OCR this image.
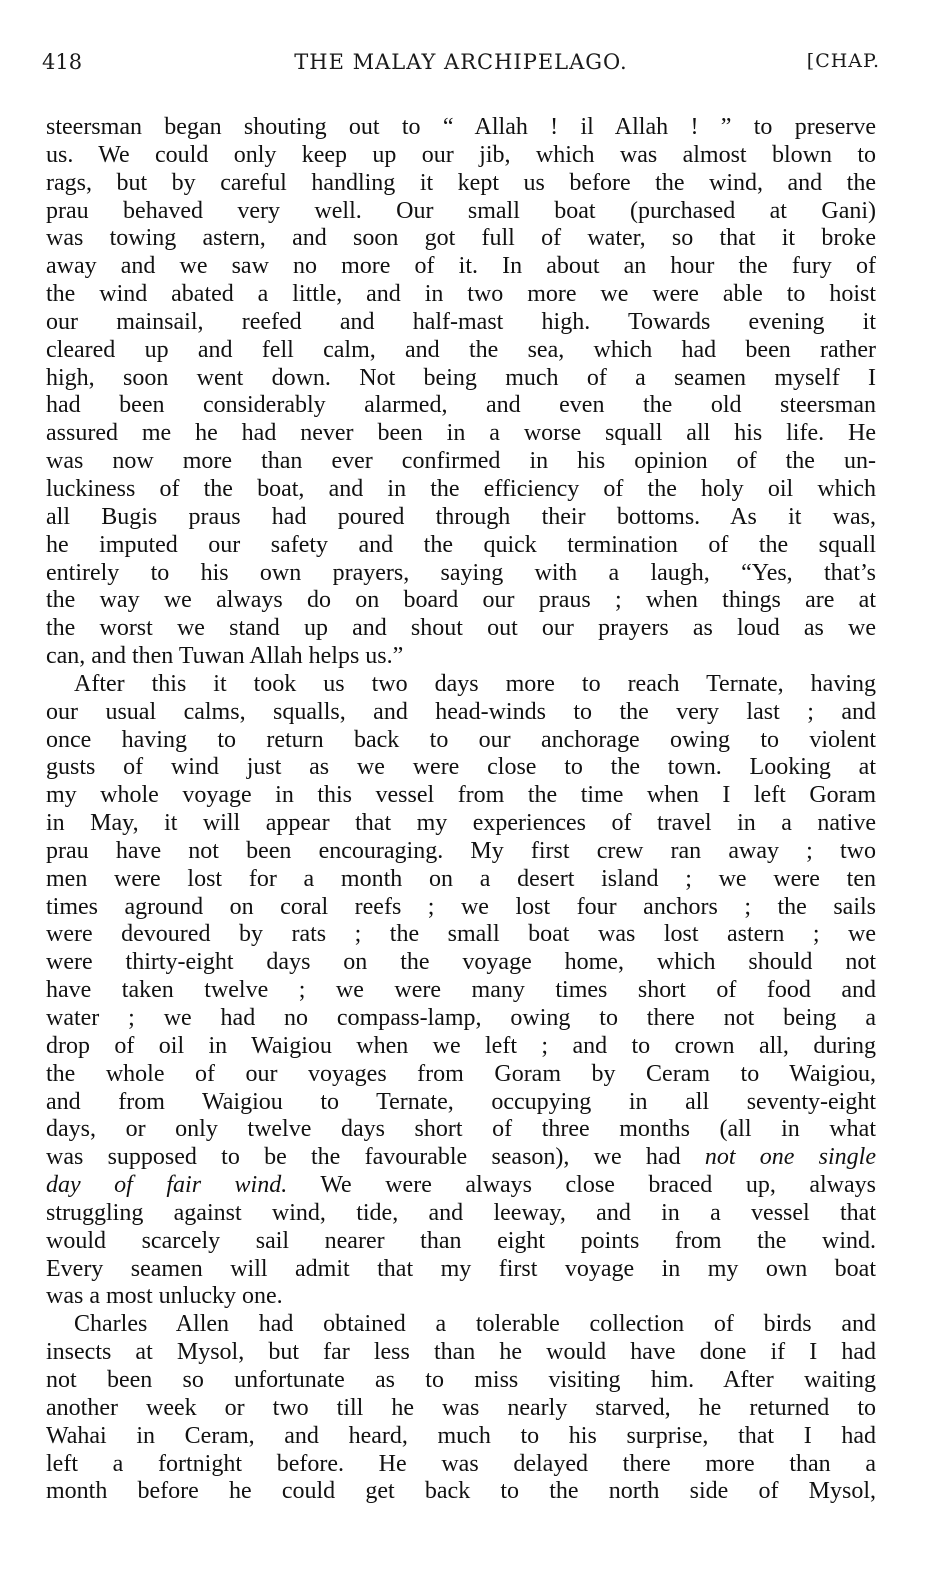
418	THE MALAY ARCHIPELAGO.	[CHAP.
steersman began shouting out to “ Allah ! il Allah ! ” to preserve
us. We could only keep up our jib, which was almost blown to
rags, but by careful handling it kept us before the wind, and the
prau behaved very well. Our small boat (purchased at Gani)
was towing astern, and soon got full of water, so that it broke
away and we saw no more of it. In about an hour the fury of
the wind abated a little, and in two more we were able to hoist
our mainsail, reefed and half-mast high. Towards evening it
cleared up and fell calm, and the sea, which had been rather
high, soon went down. Not being much of a seamen myself I
had been considerably alarmed, and even the old steersman
assured me he had never been in a worse squall all his life. He
was now more than ever confirmed in his opinion of the un-
luckiness of the boat, and in the efficiency of the holy oil which
all Bugis praus had poured through their bottoms. As it was,
he imputed our safety and the quick termination of the squall
entirely to his own prayers, saying with a laugh, “Yes, that’s
the way we always do on board our praus ; when things are at
the worst we stand up and shout out our prayers as loud as we
can, and then Tuwan Allah helps us.”
After this it took us two days more to reach Ternate, having
our usual calms, squalls, and head-winds to the very last ; and
once having to return back to our anchorage owing to violent
gusts of wind just as we were close to the town. Looking at
my whole voyage in this vessel from the time when I left Goram
in May, it will appear that my experiences of travel in a native
prau have not been encouraging. My first crew ran away ; two
men were lost for a month on a desert island ; we were ten
times aground on coral reefs ; we lost four anchors ; the sails
were devoured by rats ; the small boat was lost astern ; we
were thirty-eight days on the voyage home, which should not
have taken twelve ; we were many times short of food and
water ; we had no compass-lamp, owing to there not being a
drop of oil in Waigiou when we left ; and to crown all, during
the whole of our voyages from Goram by Ceram to Waigiou,
and from Waigiou to Ternate, occupying in all seventy-eight
days, or only twelve days short of three months (all in what
was supposed to be the favourable season), we had not one single
day of fair wind. We were always close braced up, always
struggling against wind, tide, and leeway, and in a vessel that
would scarcely sail nearer than eight points from the wind.
Every seamen will admit that my first voyage in my own boat
was a most unlucky one.
Charles Allen had obtained a tolerable collection of birds and
insects at Mysol, but far less than he would have done if I had
not been so unfortunate as to miss visiting him. After waiting
another week or two till he was nearly starved, he returned to
Wahai in Ceram, and heard, much to his surprise, that I had
left a fortnight before. He was delayed there more than a
month before he could get back to the north side of Mysol,
